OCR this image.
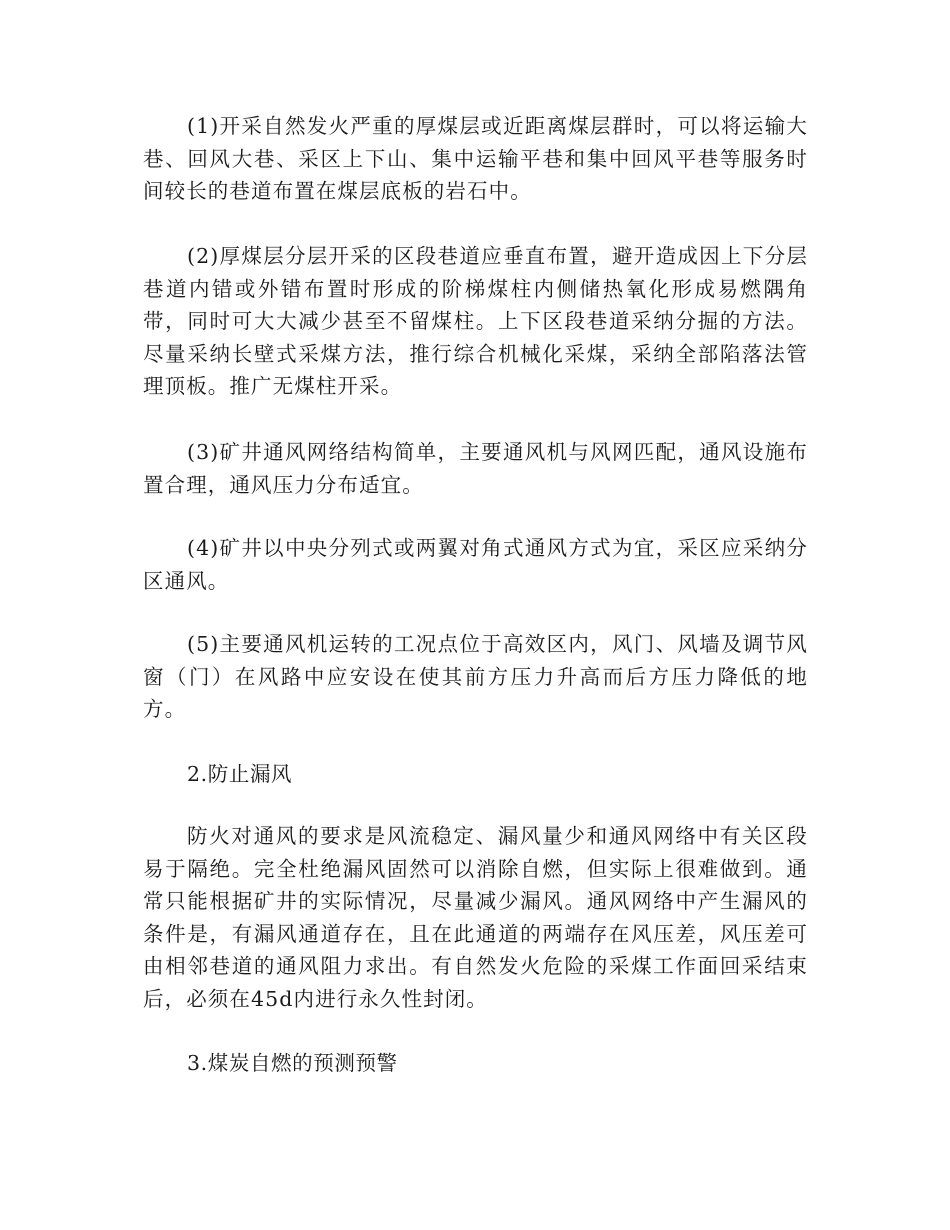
(1)开采自然发火严重的厚煤层或近距离煤层群时，可以将运输大巷、回风大巷、采区上下山、集中运输平巷和集中回风平巷等服务时间较长的巷道布置在煤层底板的岩石中。

(2)厚煤层分层开采的区段巷道应垂直布置，避开造成因上下分层巷道内错或外错布置时形成的阶梯煤柱内侧储热氧化形成易燃隅角带，同时可大大减少甚至不留煤柱。上下区段巷道采纳分掘的方法。尽量采纳长壁式采煤方法，推行综合机械化采煤，采纳全部陷落法管理顶板。推广无煤柱开采。

(3)矿井通风网络结构简单，主要通风机与风网匹配，通风设施布置合理，通风压力分布适宜。

(4)矿井以中央分列式或两翼对角式通风方式为宜，采区应采纳分区通风。

(5)主要通风机运转的工况点位于高效区内，风门、风墙及调节风窗（门）在风路中应安设在使其前方压力升高而后方压力降低的地方。

2.防止漏风

防火对通风的要求是风流稳定、漏风量少和通风网络中有关区段易于隔绝。完全杜绝漏风固然可以消除自燃，但实际上很难做到。通常只能根据矿井的实际情况，尽量减少漏风。通风网络中产生漏风的条件是，有漏风通道存在，且在此通道的两端存在风压差，风压差可由相邻巷道的通风阻力求出。有自然发火危险的采煤工作面回采结束后，必须在45d内进行永久性封闭。

3.煤炭自燃的预测预警
